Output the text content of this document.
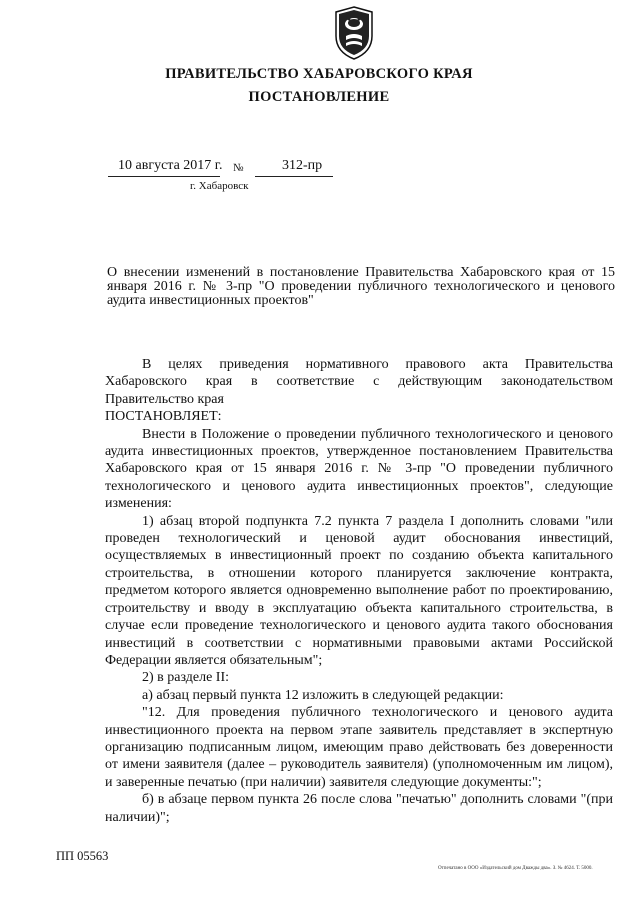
ПРАВИТЕЛЬСТВО ХАБАРОВСКОГО КРАЯ
ПОСТАНОВЛЕНИЕ
10 августа 2017 г. №	312-пр
г. Хабаровск
О внесении изменений в постановление Правительства Хабаровского края от 15 января 2016 г. № 3-пр "О проведении публичного технологического и ценового аудита инвестиционных проектов"

В целях приведения нормативного правового акта Правительства Хабаровского края в соответствие с действующим законодательством Правительство края

ПОСТАНОВЛЯЕТ:

Внести в Положение о проведении публичного технологического и ценового аудита инвестиционных проектов, утвержденное постановлением Правительства Хабаровского края от 15 января 2016 г. № 3-пр "О проведении публичного технологического и ценового аудита инвестиционных проектов", следующие изменения:

1) абзац второй подпункта 7.2 пункта 7 раздела I дополнить словами "или проведен технологический и ценовой аудит обоснования инвестиций, осуществляемых в инвестиционный проект по созданию объекта капитального строительства, в отношении которого планируется заключение контракта, предметом которого является одновременно выполнение работ по проектированию, строительству и вводу в эксплуатацию объекта капитального строительства, в случае если проведение технологического и ценового аудита такого обоснования инвестиций в соответствии с нормативными правовыми актами Российской Федерации является обязательным";

2) в разделе II:

а) абзац первый пункта 12 изложить в следующей редакции:

"12. Для проведения публичного технологического и ценового аудита инвестиционного проекта на первом этапе заявитель представляет в экспертную организацию подписанным лицом, имеющим право действовать без доверенности от имени заявителя (далее – руководитель заявителя) (уполномоченным им лицом), и заверенные печатью (при наличии) заявителя следующие документы:";

б) в абзаце первом пункта 26 после слова "печатью" дополнить словами "(при наличии)";

ПП 05563
Отпечатано в ООО «Издательский дом Дважды два». З. № 4624. Т. 5000.
